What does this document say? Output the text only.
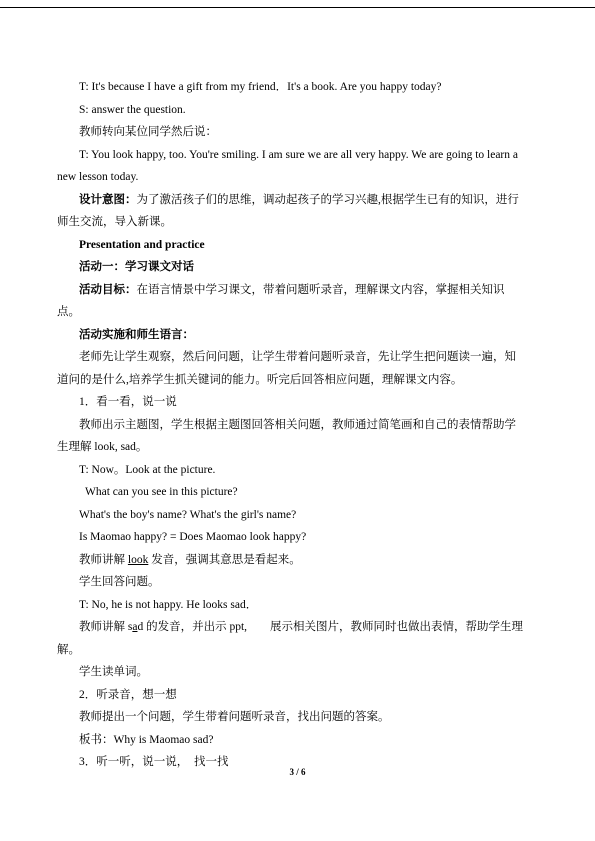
T: It's because I have a gift from my friend．It's a book. Are you happy today?
S: answer the question.
教师转向某位同学然后说：
T: You look happy, too. You're smiling. I am sure we are all very happy. We are going to learn a
new lesson today.
设计意图：为了激活孩子们的思维，调动起孩子的学习兴趣,根据学生已有的知识，进行
师生交流，导入新课。
Presentation and practice
活动一：学习课文对话
活动目标：在语言情景中学习课文，带着问题听录音，理解课文内容，掌握相关知识
点。
活动实施和师生语言：
老师先让学生观察，然后问问题，让学生带着问题听录音，先让学生把问题读一遍，知
道问的是什么,培养学生抓关键词的能力。听完后回答相应问题，理解课文内容。
1．看一看，说一说
教师出示主题图，学生根据主题图回答相关问题，教师通过简笔画和自己的表情帮助学
生理解 look, sad。
T: Now。Look at the picture.
What can you see in this picture?
What's the boy's name? What's the girl's name?
Is Maomao happy? = Does Maomao look happy?
教师讲解 look 发音，强调其意思是看起来。
学生回答问题。
T: No, he is not happy. He looks sad．
教师讲解 sad 的发音，并出示 ppt,　　展示相关图片，教师同时也做出表情，帮助学生理
解。
学生读单词。
2．听录音，想一想
教师提出一个问题，学生带着问题听录音，找出问题的答案。
板书：Why is Maomao sad?
3．听一听，说一说，　找一找
3 / 6
